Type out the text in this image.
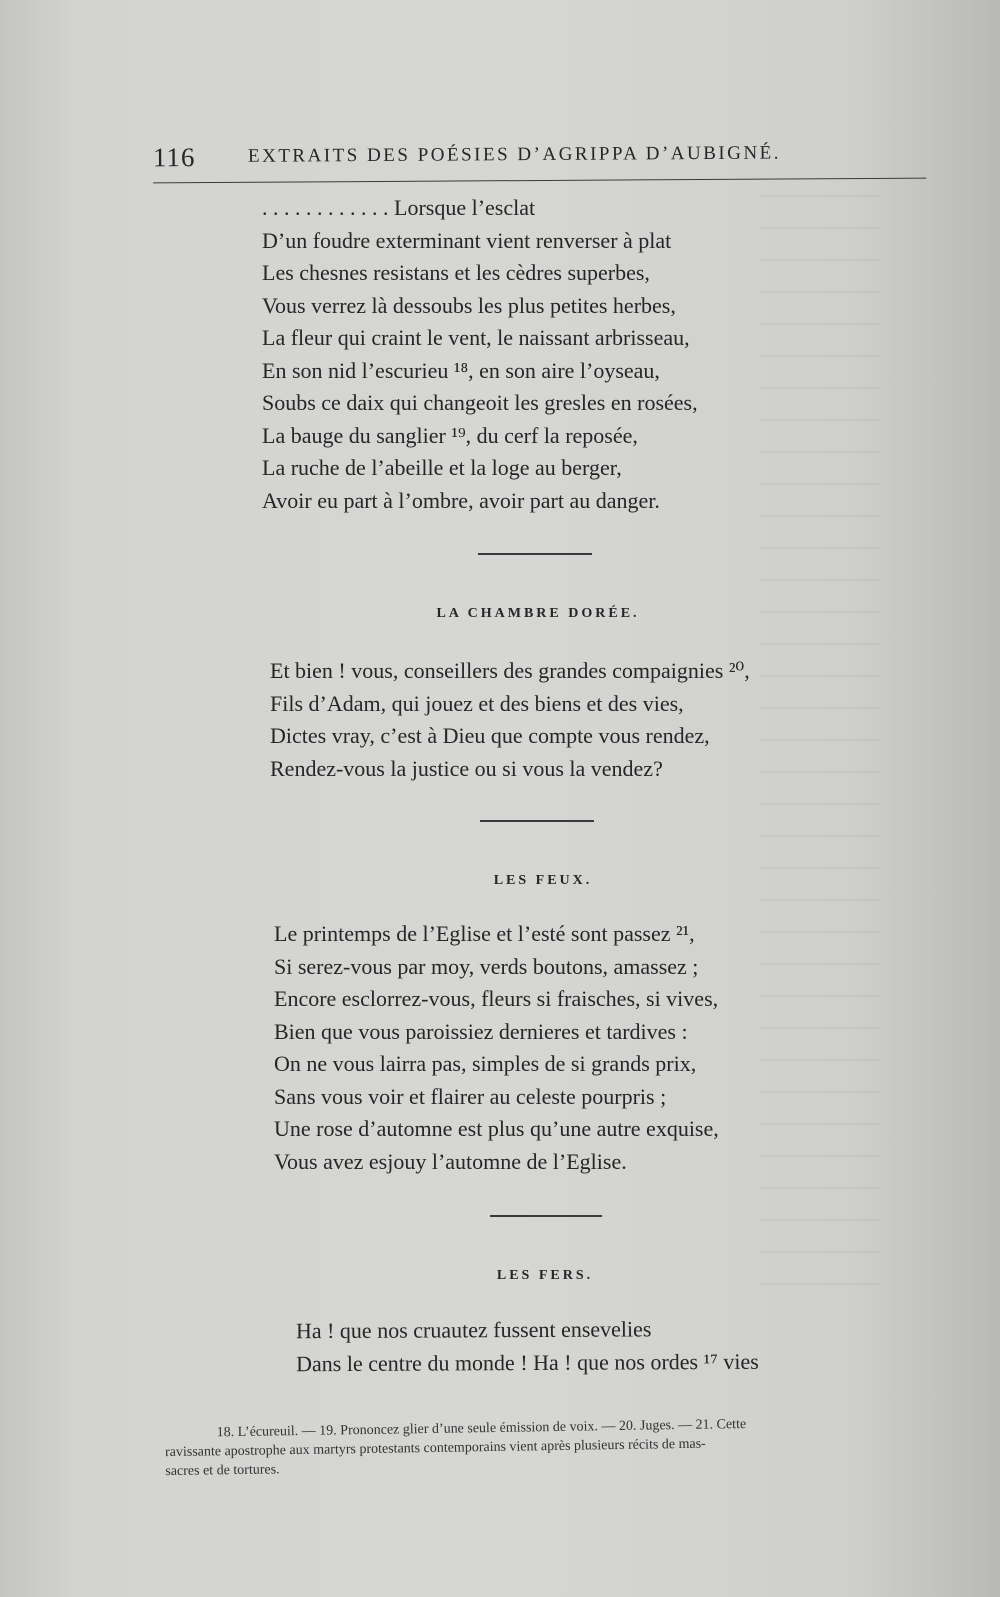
116	EXTRAITS DES POÉSIES D’AGRIPPA D’AUBIGNÉ.
. . . . . . . . . . . . Lorsque l’esclat
D’un foudre exterminant vient renverser à plat
Les chesnes resistans et les cèdres superbes,
Vous verrez là dessoubs les plus petites herbes,
La fleur qui craint le vent, le naissant arbrisseau,
En son nid l’escurieu ¹⁸, en son aire l’oyseau,
Soubs ce daix qui changeoit les gresles en rosées,
La bauge du sanglier ¹⁹, du cerf la reposée,
La ruche de l’abeille et la loge au berger,
Avoir eu part à l’ombre, avoir part au danger.
LA CHAMBRE DORÉE.
Et bien ! vous, conseillers des grandes compaignies ²⁰,
Fils d’Adam, qui jouez et des biens et des vies,
Dictes vray, c’est à Dieu que compte vous rendez,
Rendez-vous la justice ou si vous la vendez?
LES FEUX.
Le printemps de l’Eglise et l’esté sont passez ²¹,
Si serez-vous par moy, verds boutons, amassez ;
Encore esclorrez-vous, fleurs si fraisches, si vives,
Bien que vous paroissiez dernieres et tardives :
On ne vous lairra pas, simples de si grands prix,
Sans vous voir et flairer au celeste pourpris ;
Une rose d’automne est plus qu’une autre exquise,
Vous avez esjouy l’automne de l’Eglise.
LES FERS.
Ha ! que nos cruautez fussent ensevelies
Dans le centre du monde ! Ha ! que nos ordes ¹⁷ vies
18. L’écureuil. — 19. Prononcez glier d’une seule émission de voix. — 20. Juges. — 21. Cette
ravissante apostrophe aux martyrs protestants contemporains vient après plusieurs récits de mas-
sacres et de tortures.
